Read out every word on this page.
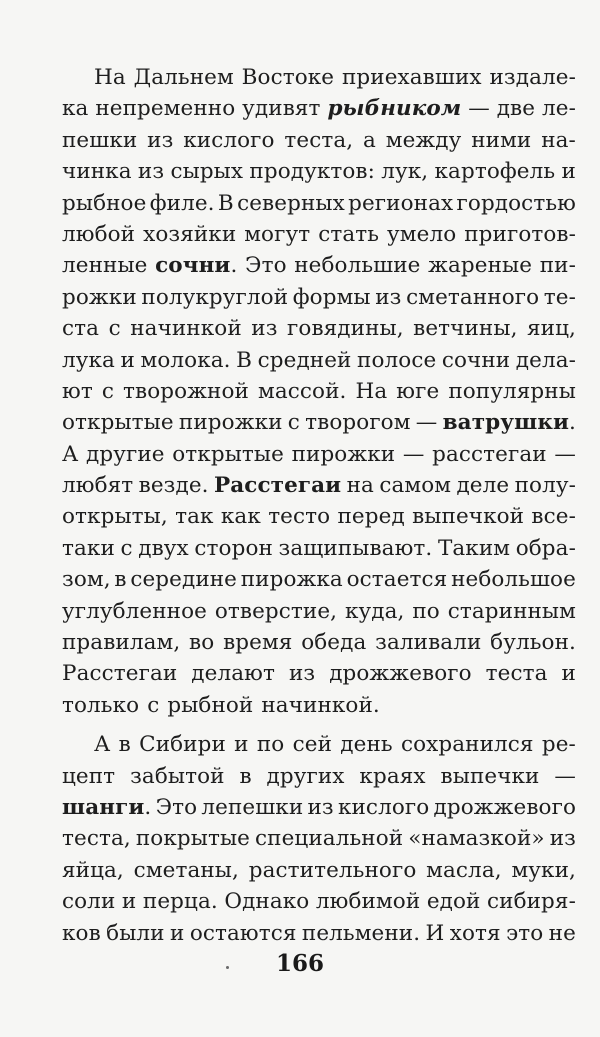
На Дальнем Востоке приехавших издале-
ка непременно удивят рыбником — две ле-
пешки из кислого теста, а между ними на-
чинка из сырых продуктов: лук, картофель и
рыбное филе. В северных регионах гордостью
любой хозяйки могут стать умело приготов-
ленные сочни. Это небольшие жареные пи-
рожки полукруглой формы из сметанного те-
ста с начинкой из говядины, ветчины, яиц,
лука и молока. В средней полосе сочни дела-
ют с творожной массой. На юге популярны
открытые пирожки с творогом — ватрушки.
А другие открытые пирожки — расстегаи —
любят везде. Расстегаи на самом деле полу-
открыты, так как тесто перед выпечкой все-
таки с двух сторон защипывают. Таким обра-
зом, в середине пирожка остается небольшое
углубленное отверстие, куда, по старинным
правилам, во время обеда заливали бульон.
Расстегаи делают из дрожжевого теста и
только с рыбной начинкой.
А в Сибири и по сей день сохранился ре-
цепт забытой в других краях выпечки —
шанги. Это лепешки из кислого дрожжевого
теста, покрытые специальной «намазкой» из
яйца, сметаны, растительного масла, муки,
соли и перца. Однако любимой едой сибиря-
ков были и остаются пельмени. И хотя это не
166
